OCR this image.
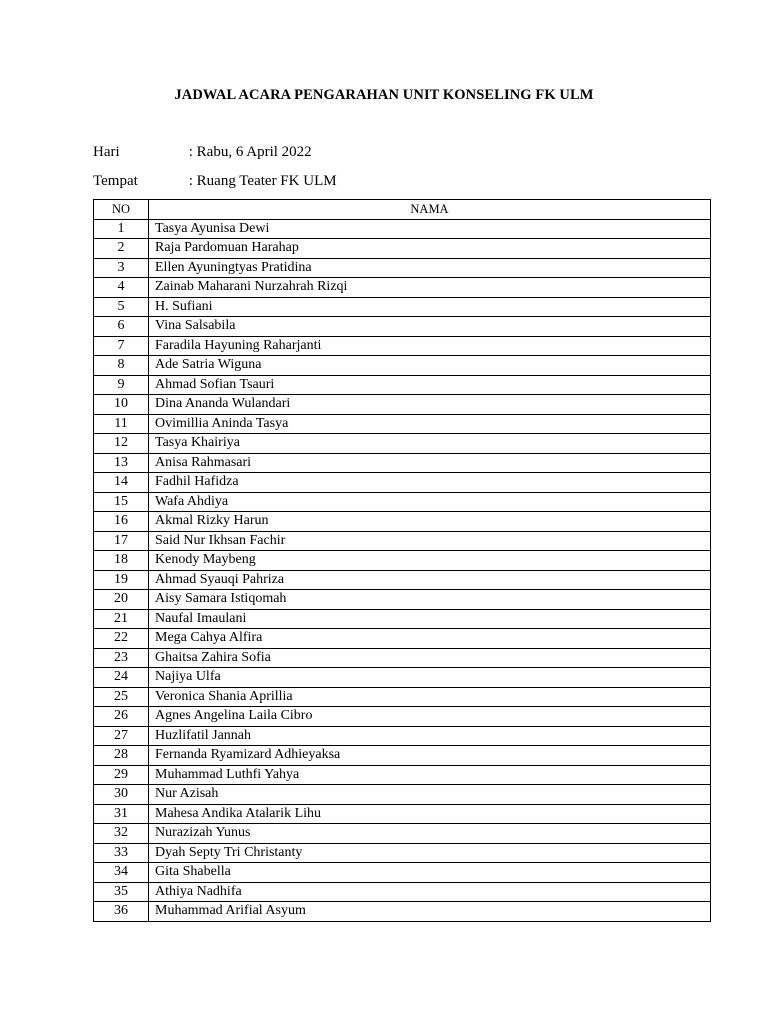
JADWAL ACARA PENGARAHAN UNIT KONSELING FK ULM
Hari	: Rabu, 6 April 2022
Tempat	: Ruang Teater FK ULM
NO	NAMA
1	Tasya Ayunisa Dewi
2	Raja Pardomuan Harahap
3	Ellen Ayuningtyas Pratidina
4	Zainab Maharani Nurzahrah Rizqi
5	H. Sufiani
6	Vina Salsabila
7	Faradila Hayuning Raharjanti
8	Ade Satria Wiguna
9	Ahmad Sofian Tsauri
10	Dina Ananda Wulandari
11	Ovimillia Aninda Tasya
12	Tasya Khairiya
13	Anisa Rahmasari
14	Fadhil Hafidza
15	Wafa Ahdiya
16	Akmal Rizky Harun
17	Said Nur Ikhsan Fachir
18	Kenody Maybeng
19	Ahmad Syauqi Pahriza
20	Aisy Samara Istiqomah
21	Naufal Imaulani
22	Mega Cahya Alfira
23	Ghaitsa Zahira Sofia
24	Najiya Ulfa
25	Veronica Shania Aprillia
26	Agnes Angelina Laila Cibro
27	Huzlifatil Jannah
28	Fernanda Ryamizard Adhieyaksa
29	Muhammad Luthfi Yahya
30	Nur Azisah
31	Mahesa Andika Atalarik Lihu
32	Nurazizah Yunus
33	Dyah Septy Tri Christanty
34	Gita Shabella
35	Athiya Nadhifa
36	Muhammad Arifial Asyum
